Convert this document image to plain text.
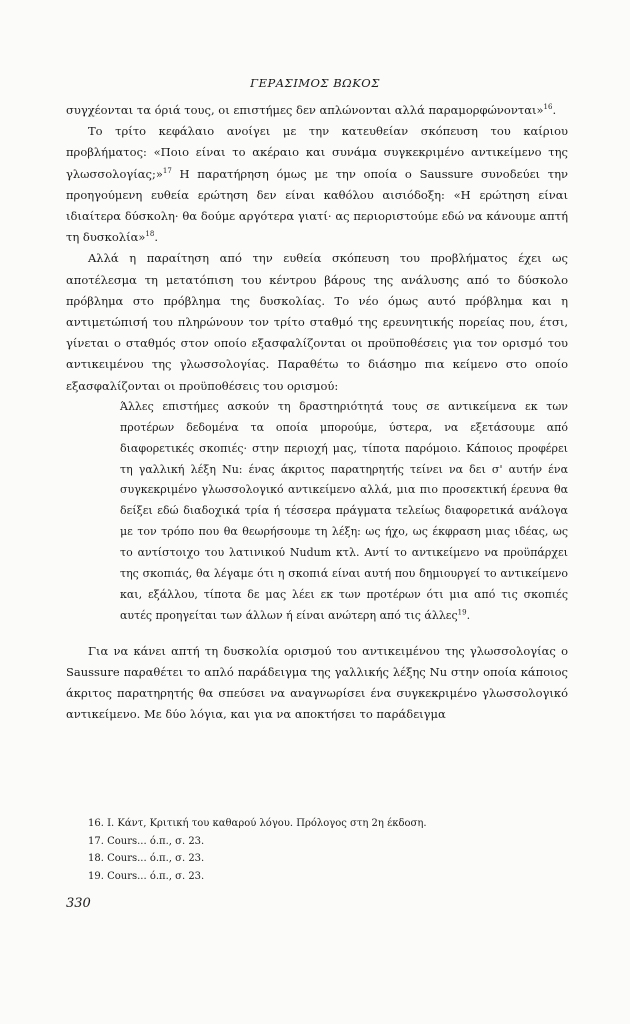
ΓΕΡΑΣΙΜΟΣ ΒΩΚΟΣ

συγχέονται τα όριά τους, οι επιστήμες δεν απλώνονται αλλά παραμορφώνονται»$^{16}$.

Το τρίτο κεφάλαιο ανοίγει με την κατευθείαν σκόπευση του καίριου προβλήματος: «Ποιο είναι το ακέραιο και συνάμα συγκεκριμένο αντικείμενο της γλωσσολογίας;»$^{17}$ Η παρατήρηση όμως με την οποία ο Saussure συνοδεύει την προηγούμενη ευθεία ερώτηση δεν είναι καθόλου αισιόδοξη: «Η ερώτηση είναι ιδιαίτερα δύσκολη· θα δούμε αργότερα γιατί· ας περιοριστούμε εδώ να κάνουμε απτή τη δυσκολία»$^{18}$.

Αλλά η παραίτηση από την ευθεία σκόπευση του προβλήματος έχει ως αποτέλεσμα τη μετατόπιση του κέντρου βάρους της ανάλυσης από το δύσκολο πρόβλημα στο πρόβλημα της δυσκολίας. Το νέο όμως αυτό πρόβλημα και η αντιμετώπισή του πληρώνουν τον τρίτο σταθμό της ερευνητικής πορείας που, έτσι, γίνεται ο σταθμός στον οποίο εξασφαλίζονται οι προϋποθέσεις για τον ορισμό του αντικειμένου της γλωσσολογίας. Παραθέτω το διάσημο πια κείμενο στο οποίο εξασφαλίζονται οι προϋποθέσεις του ορισμού:

Άλλες επιστήμες ασκούν τη δραστηριότητά τους σε αντικείμενα εκ των προτέρων δεδομένα τα οποία μπορούμε, ύστερα, να εξετάσουμε από διαφορετικές σκοπιές· στην περιοχή μας, τίποτα παρόμοιο. Κάποιος προφέρει τη γαλλική λέξη Nu: ένας άκριτος παρατηρητής τείνει να δει σ' αυτήν ένα συγκεκριμένο γλωσσολογικό αντικείμενο αλλά, μια πιο προσεκτική έρευνα θα δείξει εδώ διαδοχικά τρία ή τέσσερα πράγματα τελείως διαφορετικά ανάλογα με τον τρόπο που θα θεωρήσουμε τη λέξη: ως ήχο, ως έκφραση μιας ιδέας, ως το αντίστοιχο του λατινικού Nudum κτλ. Αντί το αντικείμενο να προϋπάρχει της σκοπιάς, θα λέγαμε ότι η σκοπιά είναι αυτή που δημιουργεί το αντικείμενο και, εξάλλου, τίποτα δε μας λέει εκ των προτέρων ότι μια από τις σκοπιές αυτές προηγείται των άλλων ή είναι ανώτερη από τις άλλες$^{19}$.

Για να κάνει απτή τη δυσκολία ορισμού του αντικειμένου της γλωσσολογίας ο Saussure παραθέτει το απλό παράδειγμα της γαλλικής λέξης Nu στην οποία κάποιος άκριτος παρατηρητής θα σπεύσει να αναγνωρίσει ένα συγκεκριμένο γλωσσολογικό αντικείμενο. Με δύο λόγια, και για να αποκτήσει το παράδειγμα

16. Ι. Κάντ, Κριτική του καθαρού λόγου. Πρόλογος στη 2η έκδοση.
17. Cours... ό.π., σ. 23.
18. Cours... ό.π., σ. 23.
19. Cours... ό.π., σ. 23.
330
